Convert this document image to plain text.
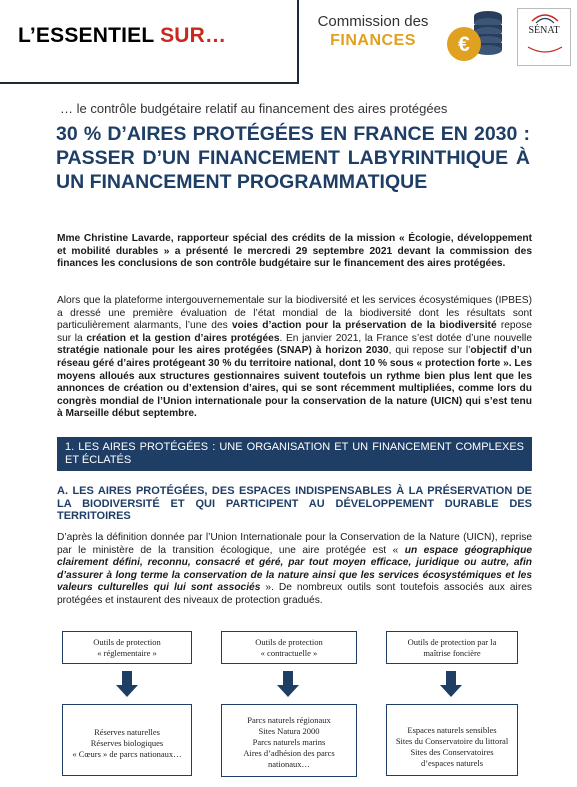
L’ESSENTIEL SUR…
Commission des
FINANCES	€
SÉNAT
… le contrôle budgétaire relatif au financement des aires protégées
30 % D’AIRES PROTÉGÉES EN FRANCE EN 2030 : PASSER D’UN FINANCEMENT LABYRINTHIQUE À UN FINANCEMENT PROGRAMMATIQUE
Mme Christine Lavarde, rapporteur spécial des crédits de la mission « Écologie, développement et mobilité durables » a présenté le mercredi 29 septembre 2021 devant la commission des finances les conclusions de son contrôle budgétaire sur le financement des aires protégées.
Alors que la plateforme intergouvernementale sur la biodiversité et les services écosystémiques (IPBES) a dressé une première évaluation de l’état mondial de la biodiversité dont les résultats sont particulièrement alarmants, l’une des voies d’action pour la préservation de la biodiversité repose sur la création et la gestion d’aires protégées. En janvier 2021, la France s’est dotée d’une nouvelle stratégie nationale pour les aires protégées (SNAP) à horizon 2030, qui repose sur l’objectif d’un réseau géré d’aires protégeant 30 % du territoire national, dont 10 % sous « protection forte ». Les moyens alloués aux structures gestionnaires suivent toutefois un rythme bien plus lent que les annonces de création ou d’extension d’aires, qui se sont récemment multipliées, comme lors du congrès mondial de l’Union internationale pour la conservation de la nature (UICN) qui s’est tenu à Marseille début septembre.
1. LES AIRES PROTÉGÉES : UNE ORGANISATION ET UN FINANCEMENT COMPLEXES ET ÉCLATÉS
A. LES AIRES PROTÉGÉES, DES ESPACES INDISPENSABLES À LA PRÉSERVATION DE LA BIODIVERSITÉ ET QUI PARTICIPENT AU DÉVELOPPEMENT DURABLE DES TERRITOIRES
D’après la définition donnée par l’Union Internationale pour la Conservation de la Nature (UICN), reprise par le ministère de la transition écologique, une aire protégée est « un espace géographique clairement défini, reconnu, consacré et géré, par tout moyen efficace, juridique ou autre, afin d’assurer à long terme la conservation de la nature ainsi que les services écosystémiques et les valeurs culturelles qui lui sont associés ». De nombreux outils sont toutefois associés aux aires protégées et instaurent des niveaux de protection gradués.
Outils de protection
« réglementaire »
Outils de protection
« contractuelle »
Outils de protection par la
maîtrise foncière
Réserves naturelles
Réserves biologiques
« Cœurs » de parcs nationaux…
Parcs naturels régionaux
Sites Natura 2000
Parcs naturels marins
Aires d’adhésion des parcs
nationaux…
Espaces naturels sensibles
Sites du Conservatoire du littoral
Sites des Conservatoires
d’espaces naturels
